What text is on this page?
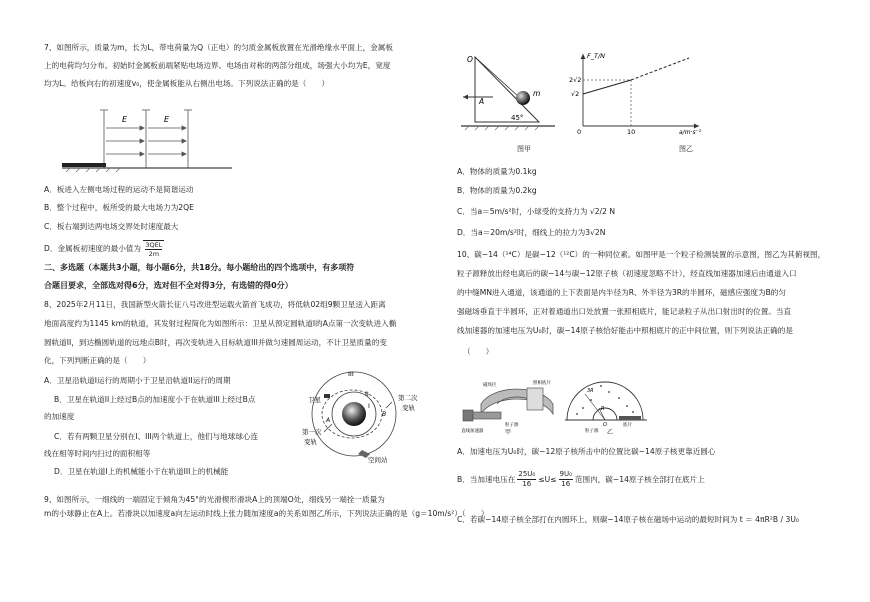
7、如图所示，质量为m，长为L，带电荷量为Q（正电）的匀质金属板放置在光滑绝缘水平面上，金属板
上的电荷均匀分布。初始时金属板前端紧贴电场边界。电场由对称的两部分组成，场强大小均为E，宽度
均为L。给板向右的初速度v₀，使金属板能从右侧出电场。下列说法正确的是（　　）
E	E
A．板进入左侧电场过程的运动不是简谐运动
B．整个过程中，板所受的最大电场力为2QE
C．板右端到达两电场交界处时速度最大
D．金属板初速度的最小值为 3QEL
2m
二、多选题（本题共3小题，每小题6分，共18分。每小题给出的四个选项中，有多项符
合题目要求，全部选对得6分，选对但不全对得3分，有选错的得0分）
8、2025年2月11日，我国新型火箭长征八号改进型运载火箭首飞成功，将低轨02组9颗卫星送入距离
地面高度约为1145 km的轨道，其发射过程简化为如图所示：卫星从预定圆轨道I的A点第一次变轨进入椭
圆轨道II，到达椭圆轨道的远地点B时，再次变轨进入目标轨道III并做匀速圆周运动，不计卫星质量的变
化，下列判断正确的是（　　）
A．卫星沿轨道I运行的周期小于卫星沿轨道II运行的周期
B．卫星在轨道II上经过B点的加速度小于在轨道III上经过B点
的加速度
C．若有两颗卫星分别在I、III两个轨道上，他们与地球球心连
线在相等时间内扫过的面积相等
D．卫星在轨道I上的机械能小于在轨道III上的机械能
III
II
I
卫星	第二次
变轨
第一次
变轨
空间站
A
B
9、如图所示，一细线的一端固定于倾角为45°的光滑楔形滑块A上的顶端O处，细线另一端拴一质量为
m的小球静止在A上。若滑块以加速度a向左运动时线上张力随加速度a的关系如图乙所示，下列说法正确的是（g＝10m/s²）（　　）
O
A
m
45°
图甲
F_T/N
2√2
√2
0	10	a/m·s⁻²
图乙
A．物体的质量为0.1kg
B．物体的质量为0.2kg
C．当a＝5m/s²时，小球受的支持力为 √2/2 N
D．当a＝20m/s²时，细线上的拉力为3√2N
10、碳−14（¹⁴C）是碳−12（¹²C）的一种同位素。如图甲是一个粒子检测装置的示意图，图乙为其俯视图，
粒子源释放出经电离后的碳−14与碳−12原子核（初速度忽略不计），经直线加速器加速后由通道入口
的中缝MN进入通道，该通道的上下表面是内半径为R、外半径为3R的半圆环，磁感应强度为B的匀
强磁场垂直于半圆环，正对着通道出口处放置一张照相底片，能记录粒子从出口射出时的位置。当直
线加速器的加速电压为U₀时，碳−14原子核恰好能击中照相底片的正中间位置，则下列说法正确的是
（　　）
磁场区	照相底片
粒子源
直线加速器	甲
3R
R
O	底片
粒子源 乙
A．加速电压为U₀时，碳−12原子核所击中的位置比碳−14原子核更靠近圆心
B．当加速电压在 $\frac{\text{25U₀}}{16} \le U\le \frac{\text{9U₀}}{16}$ 范围内，碳−14原子核全部打在底片上
C．若碳−14原子核全部打在内圆环上，则碳−14原子核在磁场中运动的最短时间为 t ＝ 4πR²B / 3U₀
